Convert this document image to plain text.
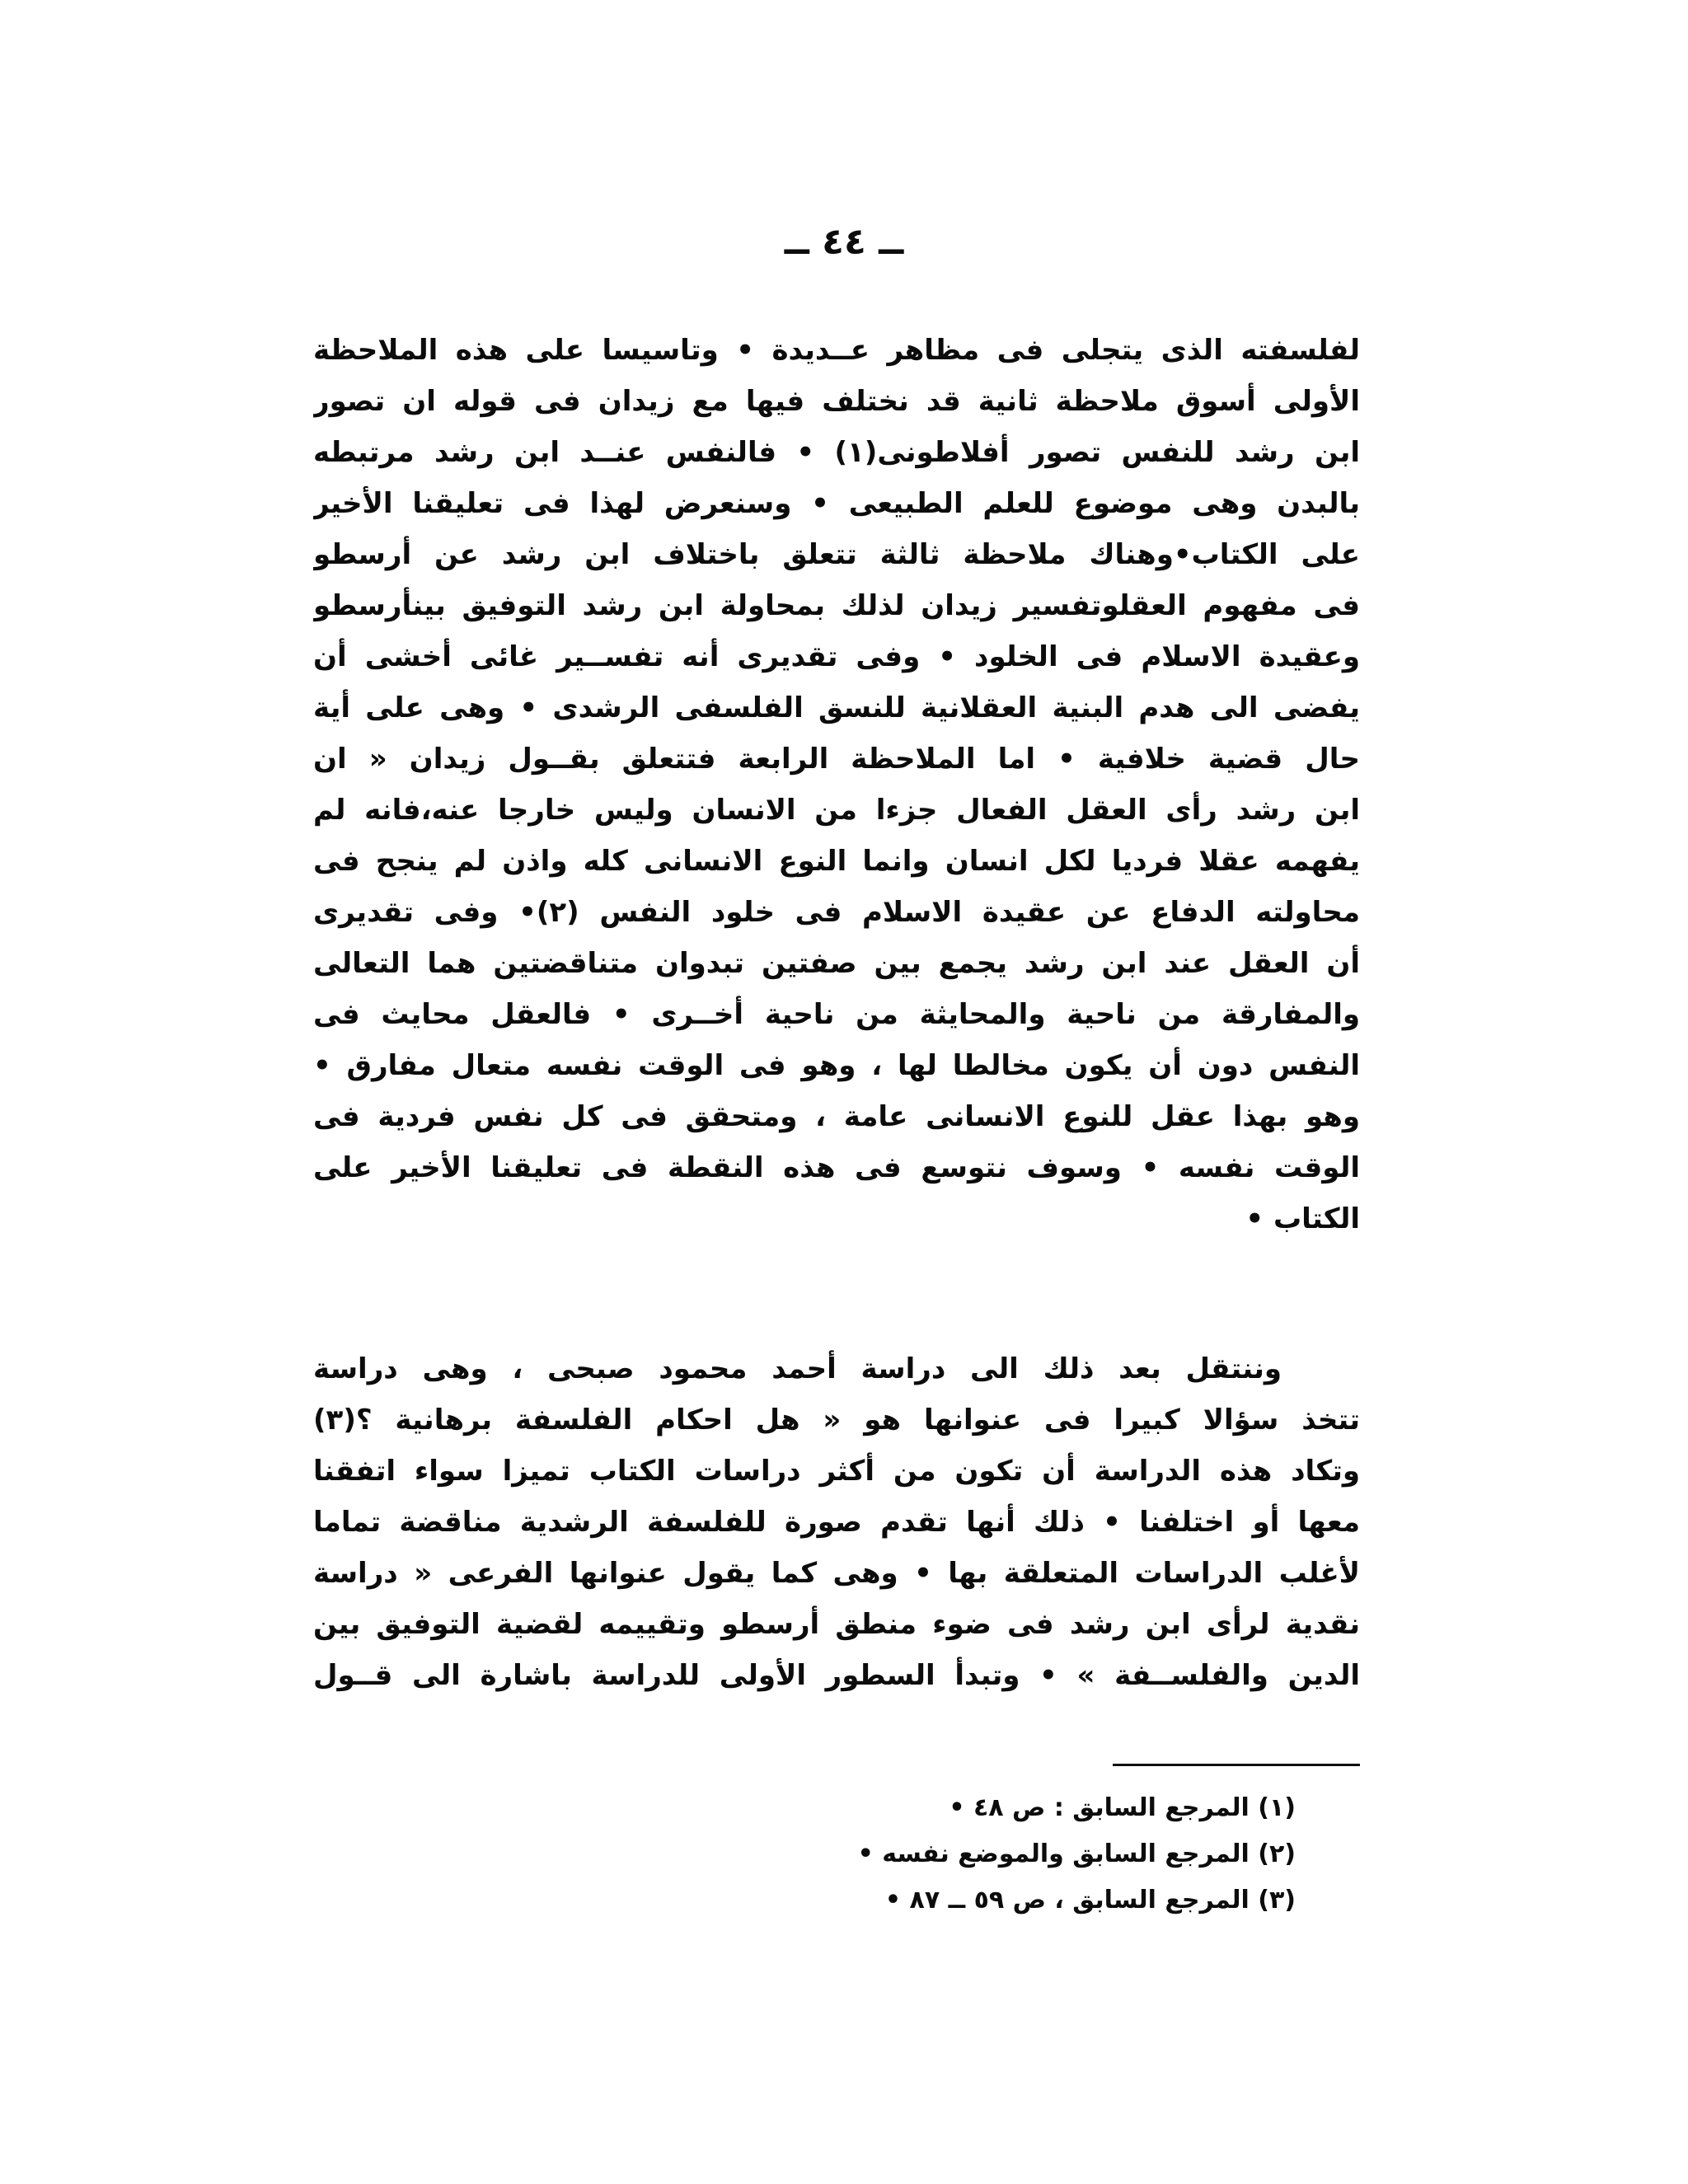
ــ ٤٤ ــ
لفلسفته الذى يتجلى فى مظاهر عــديدة • وتاسيسا على هذه الملاحظة
الأولى أسوق ملاحظة ثانية قد نختلف فيها مع زيدان فى قوله ان تصور
ابن رشد للنفس تصور أفلاطونى(١) • فالنفس عنــد ابن رشد مرتبطه
بالبدن وهى موضوع للعلم الطبيعى • وسنعرض لهذا فى تعليقنا الأخير
على الكتاب•وهناك ملاحظة ثالثة تتعلق باختلاف ابن رشد عن أرسطو
فى مفهوم العقلوتفسير زيدان لذلك بمحاولة ابن رشد التوفيق بينأرسطو
وعقيدة الاسلام فى الخلود • وفى تقديرى أنه تفســير غائى أخشى أن
يفضى الى هدم البنية العقلانية للنسق الفلسفى الرشدى • وهى على أية
حال قضية خلافية • اما الملاحظة الرابعة فتتعلق بقــول زيدان « ان
ابن رشد رأى العقل الفعال جزءا من الانسان وليس خارجا عنه،فانه لم
يفهمه عقلا فرديا لكل انسان وانما النوع الانسانى كله واذن لم ينجح فى
محاولته الدفاع عن عقيدة الاسلام فى خلود النفس (٢)• وفى تقديرى
أن العقل عند ابن رشد يجمع بين صفتين تبدوان متناقضتين هما التعالى
والمفارقة من ناحية والمحايثة من ناحية أخــرى • فالعقل محايث فى
النفس دون أن يكون مخالطا لها ، وهو فى الوقت نفسه متعال مفارق •
وهو بهذا عقل للنوع الانسانى عامة ، ومتحقق فى كل نفس فردية فى
الوقت نفسه • وسوف نتوسع فى هذه النقطة فى تعليقنا الأخير على
الكتاب •
وننتقل بعد ذلك الى دراسة أحمد محمود صبحى ، وهى دراسة
تتخذ سؤالا كبيرا فى عنوانها هو « هل احكام الفلسفة برهانية ؟(٣)
وتكاد هذه الدراسة أن تكون من أكثر دراسات الكتاب تميزا سواء اتفقنا
معها أو اختلفنا • ذلك أنها تقدم صورة للفلسفة الرشدية مناقضة تماما
لأغلب الدراسات المتعلقة بها • وهى كما يقول عنوانها الفرعى « دراسة
نقدية لرأى ابن رشد فى ضوء منطق أرسطو وتقييمه لقضية التوفيق بين
الدين والفلســفة » • وتبدأ السطور الأولى للدراسة باشارة الى قــول
(١) المرجع السابق : ص ٤٨ •
(٢) المرجع السابق والموضع نفسه •
(٣) المرجع السابق ، ص ٥٩ ــ ٨٧ •
